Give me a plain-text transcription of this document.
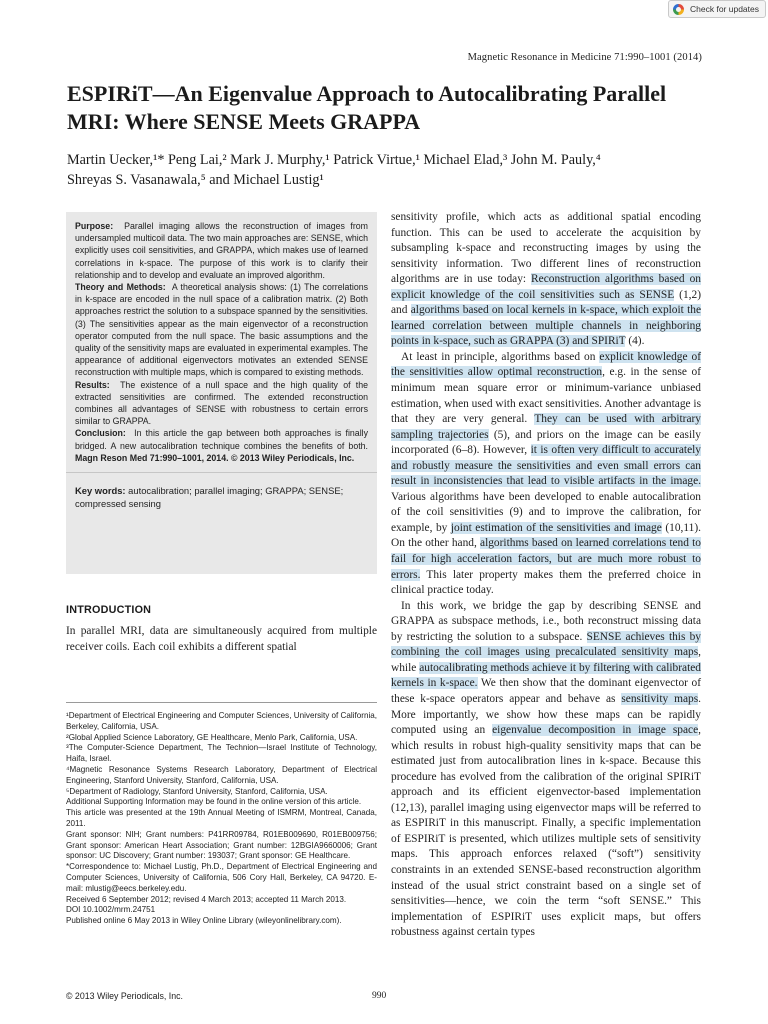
Check for updates
Magnetic Resonance in Medicine 71:990–1001 (2014)
ESPIRiT—An Eigenvalue Approach to Autocalibrating Parallel MRI: Where SENSE Meets GRAPPA
Martin Uecker,¹* Peng Lai,² Mark J. Murphy,¹ Patrick Virtue,¹ Michael Elad,³ John M. Pauly,⁴
Shreyas S. Vasanawala,⁵ and Michael Lustig¹

Purpose: Parallel imaging allows the reconstruction of images from undersampled multicoil data. The two main approaches are: SENSE, which explicitly uses coil sensitivities, and GRAPPA, which makes use of learned correlations in k-space. The purpose of this work is to clarify their relationship and to develop and evaluate an improved algorithm.

Theory and Methods: A theoretical analysis shows: (1) The correlations in k-space are encoded in the null space of a calibration matrix. (2) Both approaches restrict the solution to a subspace spanned by the sensitivities. (3) The sensitivities appear as the main eigenvector of a reconstruction operator computed from the null space. The basic assumptions and the quality of the sensitivity maps are evaluated in experimental examples. The appearance of additional eigenvectors motivates an extended SENSE reconstruction with multiple maps, which is compared to existing methods.

Results: The existence of a null space and the high quality of the extracted sensitivities are confirmed. The extended reconstruction combines all advantages of SENSE with robustness to certain errors similar to GRAPPA.

Conclusion: In this article the gap between both approaches is finally bridged. A new autocalibration technique combines the benefits of both. Magn Reson Med 71:990–1001, 2014. © 2013 Wiley Periodicals, Inc.

Key words: autocalibration; parallel imaging; GRAPPA; SENSE; compressed sensing

INTRODUCTION

In parallel MRI, data are simultaneously acquired from multiple receiver coils. Each coil exhibits a different spatial

¹Department of Electrical Engineering and Computer Sciences, University of California, Berkeley, California, USA.

²Global Applied Science Laboratory, GE Healthcare, Menlo Park, California, USA.

³The Computer-Science Department, The Technion—Israel Institute of Technology, Haifa, Israel.

⁴Magnetic Resonance Systems Research Laboratory, Department of Electrical Engineering, Stanford University, Stanford, California, USA.

⁵Department of Radiology, Stanford University, Stanford, California, USA.

Additional Supporting Information may be found in the online version of this article.

This article was presented at the 19th Annual Meeting of ISMRM, Montreal, Canada, 2011.

Grant sponsor: NIH; Grant numbers: P41RR09784, R01EB009690, R01EB009756; Grant sponsor: American Heart Association; Grant number: 12BGIA9660006; Grant sponsor: UC Discovery; Grant number: 193037; Grant sponsor: GE Healthcare.

*Correspondence to: Michael Lustig, Ph.D., Department of Electrical Engineering and Computer Sciences, University of California, 506 Cory Hall, Berkeley, CA 94720. E-mail: mlustig@eecs.berkeley.edu.

Received 6 September 2012; revised 4 March 2013; accepted 11 March 2013.

DOI 10.1002/mrm.24751

Published online 6 May 2013 in Wiley Online Library (wileyonlinelibrary.com).

© 2013 Wiley Periodicals, Inc.	990

sensitivity profile, which acts as additional spatial encoding function. This can be used to accelerate the acquisition by subsampling k-space and reconstructing images by using the sensitivity information. Two different lines of reconstruction algorithms are in use today: Reconstruction algorithms based on explicit knowledge of the coil sensitivities such as SENSE (1,2) and algorithms based on local kernels in k-space, which exploit the learned correlation between multiple channels in neighboring points in k-space, such as GRAPPA (3) and SPIRiT (4).

At least in principle, algorithms based on explicit knowledge of the sensitivities allow optimal reconstruction, e.g. in the sense of minimum mean square error or minimum-variance unbiased estimation, when used with exact sensitivities. Another advantage is that they are very general. They can be used with arbitrary sampling trajectories (5), and priors on the image can be easily incorporated (6–8). However, it is often very difficult to accurately and robustly measure the sensitivities and even small errors can result in inconsistencies that lead to visible artifacts in the image. Various algorithms have been developed to enable autocalibration of the coil sensitivities (9) and to improve the calibration, for example, by joint estimation of the sensitivities and image (10,11). On the other hand, algorithms based on learned correlations tend to fail for high acceleration factors, but are much more robust to errors. This later property makes them the preferred choice in clinical practice today.

In this work, we bridge the gap by describing SENSE and GRAPPA as subspace methods, i.e., both reconstruct missing data by restricting the solution to a subspace. SENSE achieves this by combining the coil images using precalculated sensitivity maps, while autocalibrating methods achieve it by filtering with calibrated kernels in k-space. We then show that the dominant eigenvector of these k-space operators appear and behave as sensitivity maps. More importantly, we show how these maps can be rapidly computed using an eigenvalue decomposition in image space, which results in robust high-quality sensitivity maps that can be estimated just from autocalibration lines in k-space. Because this procedure has evolved from the calibration of the original SPIRiT approach and its efficient eigenvector-based implementation (12,13), parallel imaging using eigenvector maps will be referred to as ESPIRiT in this manuscript. Finally, a specific implementation of ESPIRiT is presented, which utilizes multiple sets of sensitivity maps. This approach enforces relaxed (“soft”) sensitivity constraints in an extended SENSE-based reconstruction algorithm instead of the usual strict constraint based on a single set of sensitivities—hence, we coin the term “soft SENSE.” This implementation of ESPIRiT uses explicit maps, but offers robustness against certain types
